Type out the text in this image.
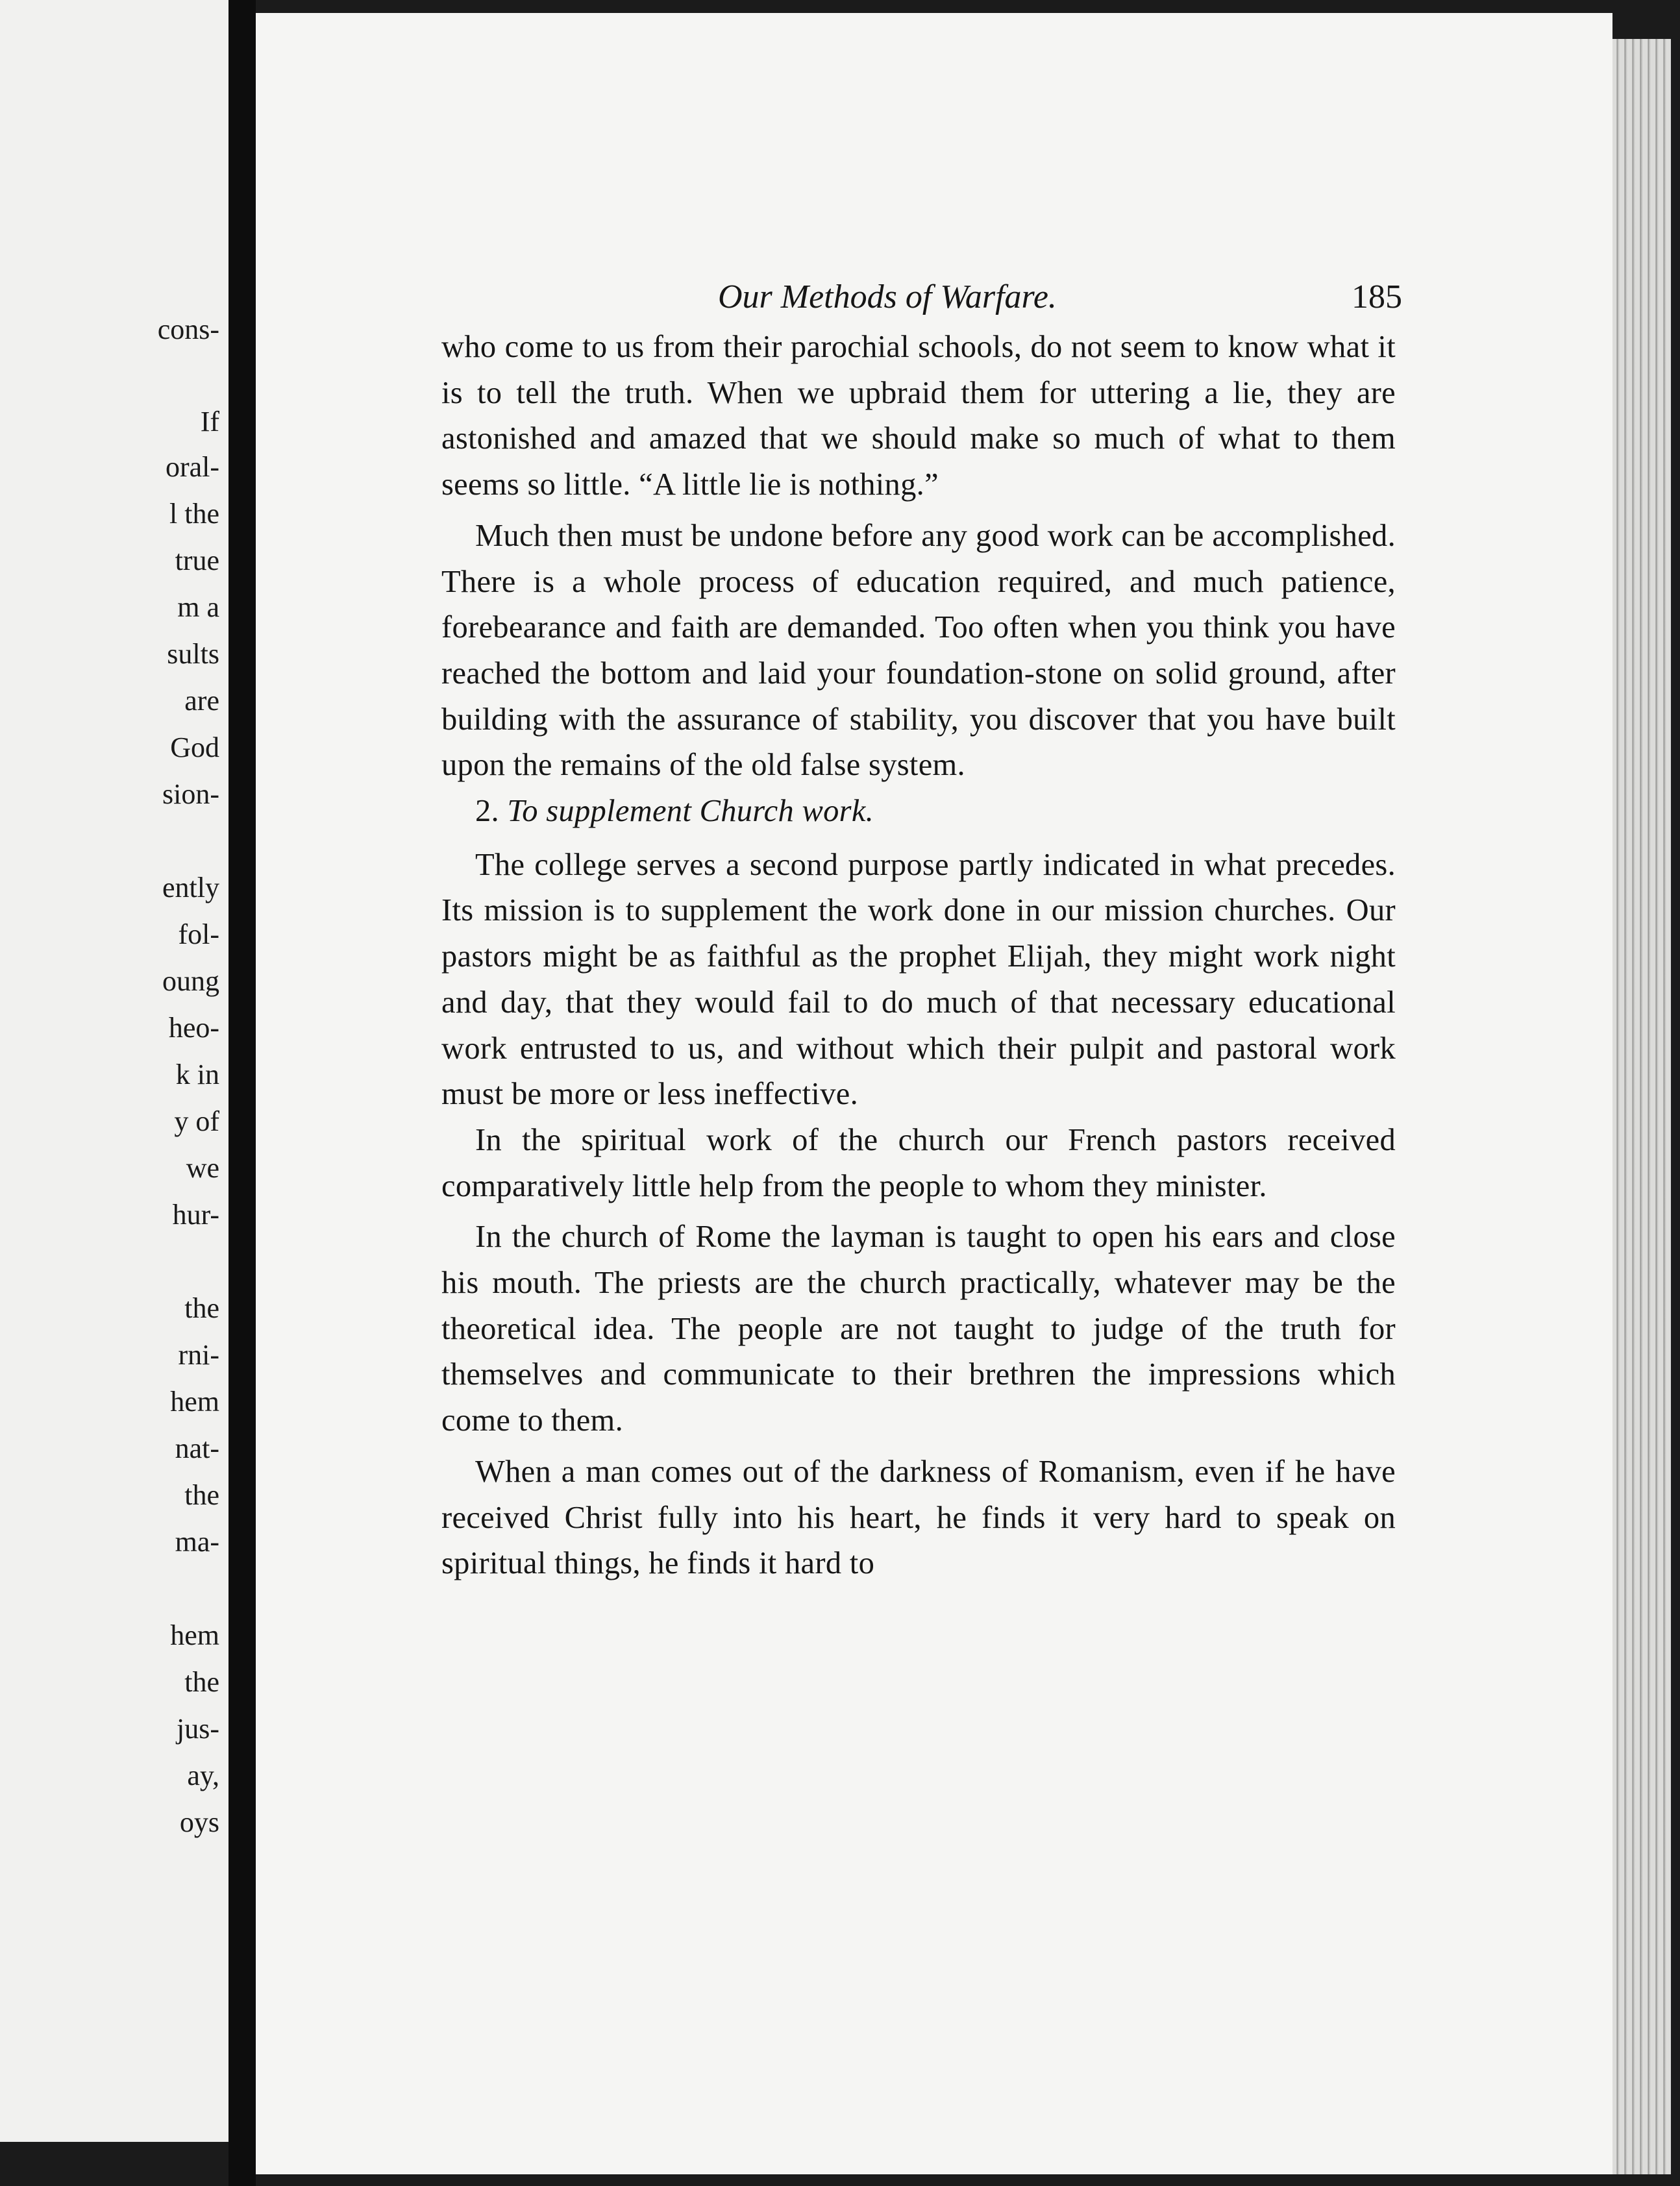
cons-
If
oral-
l the
true
m a
sults
are
God
sion-
ently
fol-
oung
heo-
k in
y of
we
hur-
the
rni-
hem
nat-
the
ma-
hem
the
jus-
ay,
oys
Our Methods of Warfare.	185

who come to us from their parochial schools, do not seem to know what it is to tell the truth. When we upbraid them for uttering a lie, they are astonished and amazed that we should make so much of what to them seems so little. “A little lie is nothing.”

Much then must be undone before any good work can be accomplished. There is a whole process of education required, and much patience, forebearance and faith are demanded. Too often when you think you have reached the bottom and laid your foundation-stone on solid ground, after building with the assurance of stability, you discover that you have built upon the remains of the old false system.

2. To supplement Church work.

The college serves a second purpose partly indicated in what precedes. Its mission is to supplement the work done in our mission churches. Our pastors might be as faithful as the prophet Elijah, they might work night and day, that they would fail to do much of that necessary educational work entrusted to us, and without which their pulpit and pastoral work must be more or less ineffective.

In the spiritual work of the church our French pastors received comparatively little help from the people to whom they minister.

In the church of Rome the layman is taught to open his ears and close his mouth. The priests are the church practically, whatever may be the theoretical idea. The people are not taught to judge of the truth for themselves and communicate to their brethren the impressions which come to them.

When a man comes out of the darkness of Romanism, even if he have received Christ fully into his heart, he finds it very hard to speak on spiritual things, he finds it hard to
